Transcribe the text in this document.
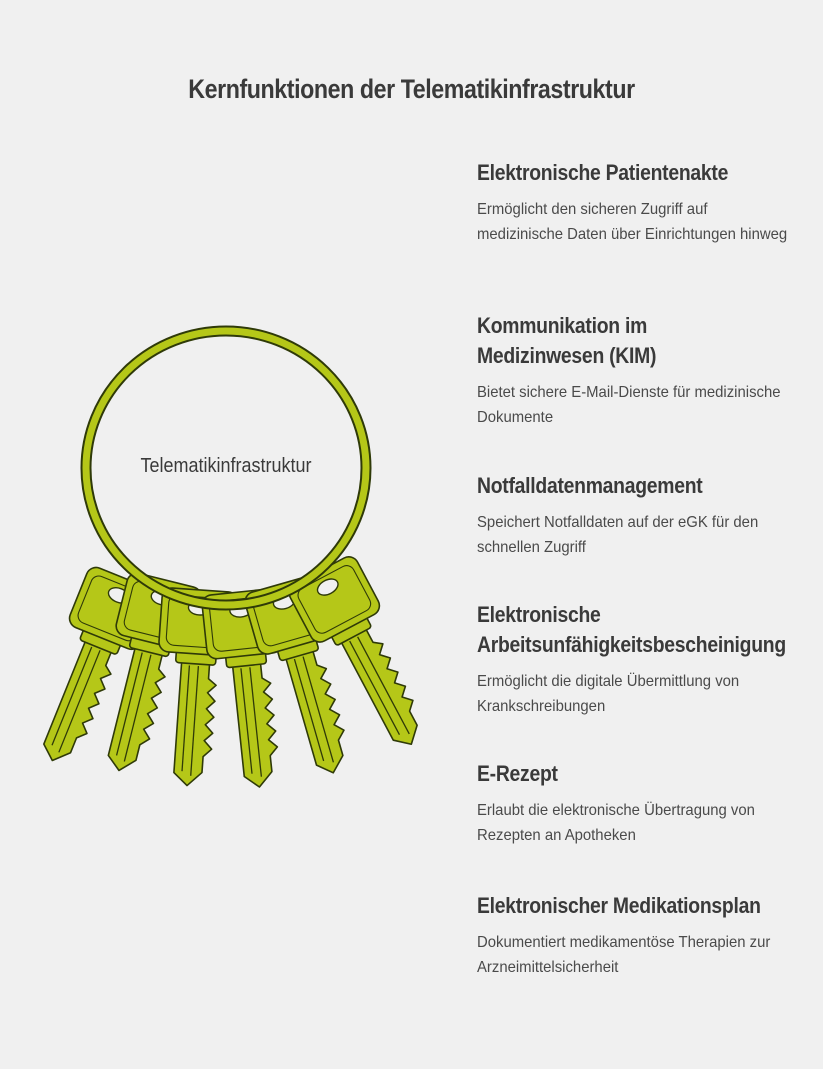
Kernfunktionen der Telematikinfrastruktur
Telematikinfrastruktur
Elektronische Patientenakte
Ermöglicht den sicheren Zugriff auf medizinische Daten über Einrichtungen hinweg
Kommunikation im Medizinwesen (KIM)
Bietet sichere E-Mail-Dienste für medizinische Dokumente
Notfalldatenmanagement
Speichert Notfalldaten auf der eGK für den schnellen Zugriff
Elektronische Arbeitsunfähigkeitsbescheinigung
Ermöglicht die digitale Übermittlung von Krankschreibungen
E-Rezept
Erlaubt die elektronische Übertragung von Rezepten an Apotheken
Elektronischer Medikationsplan
Dokumentiert medikamentöse Therapien zur Arzneimittelsicherheit
